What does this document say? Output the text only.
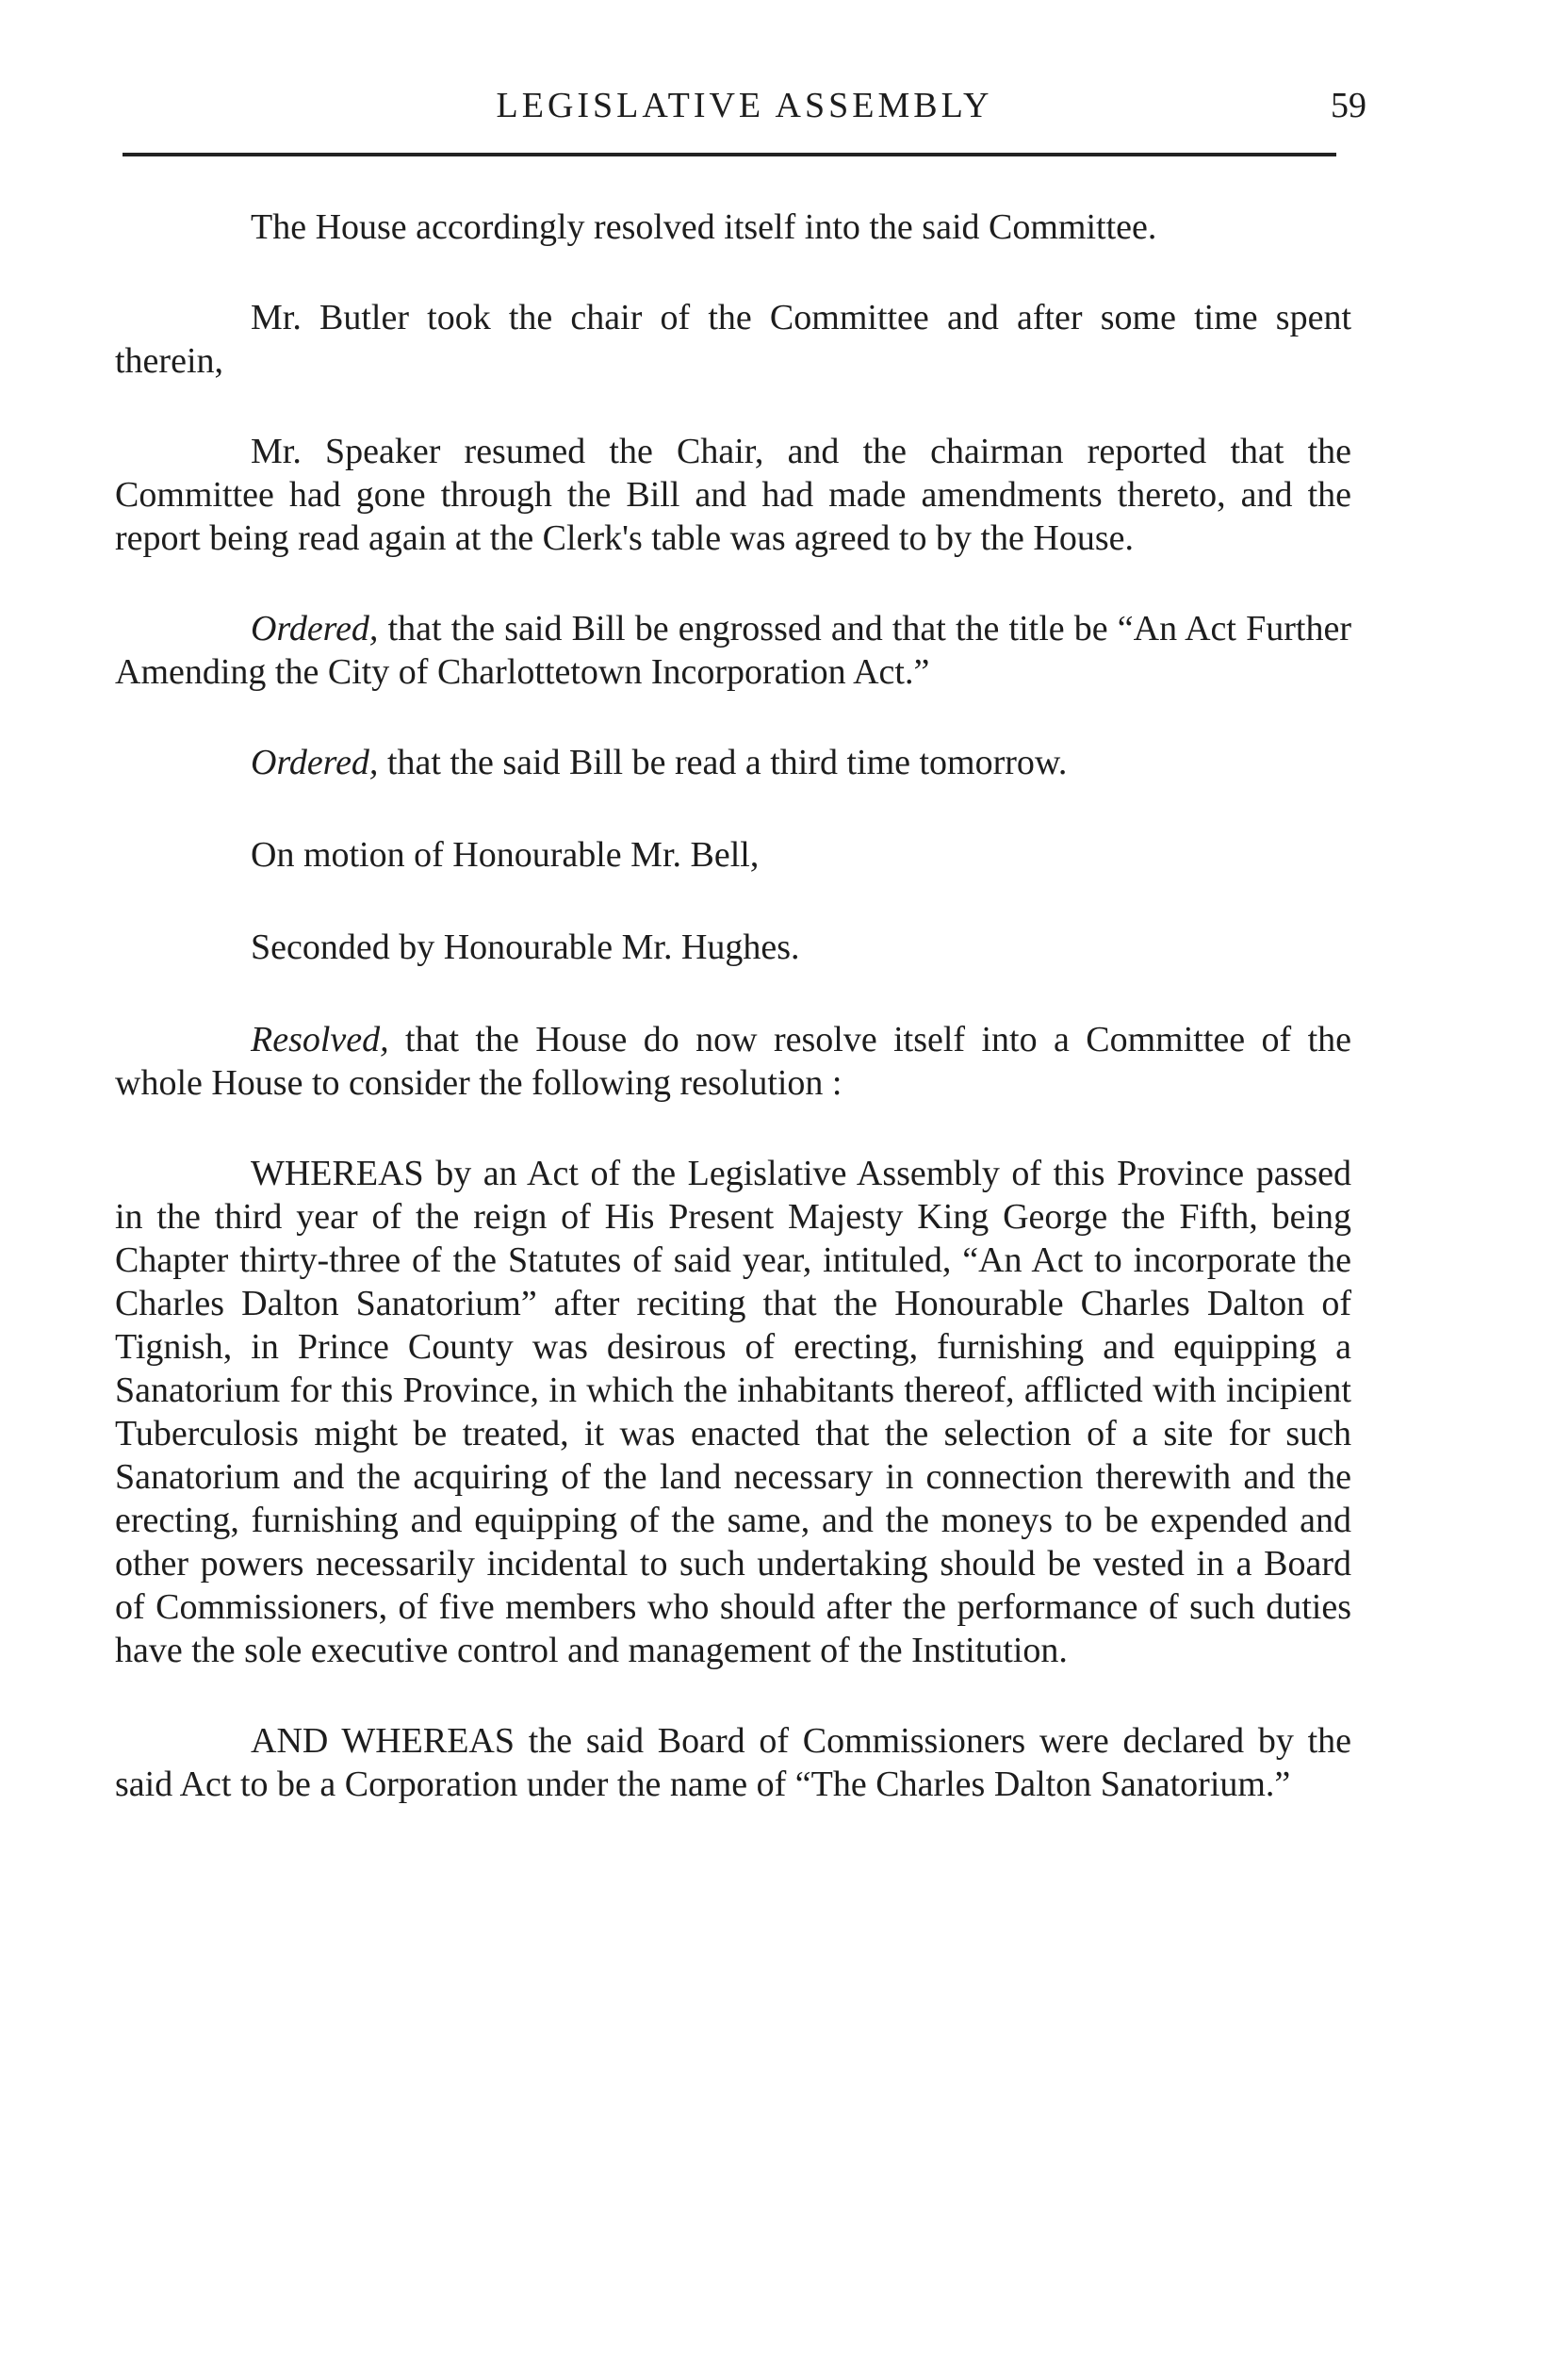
LEGISLATIVE ASSEMBLY	59

The House accordingly resolved itself into the said Committee.

Mr. Butler took the chair of the Committee and after some time spent therein,

Mr. Speaker resumed the Chair, and the chairman reported that the Committee had gone through the Bill and had made amendments thereto, and the report being read again at the Clerk's table was agreed to by the House.

Ordered, that the said Bill be engrossed and that the title be “An Act Further Amending the City of Charlottetown Incorporation Act.”

Ordered, that the said Bill be read a third time tomorrow.

On motion of Honourable Mr. Bell,

Seconded by Honourable Mr. Hughes.

Resolved, that the House do now resolve itself into a Committee of the whole House to consider the following resolution :

WHEREAS by an Act of the Legislative Assembly of this Province passed in the third year of the reign of His Present Majesty King George the Fifth, being Chapter thirty-three of the Statutes of said year, intituled, “An Act to incorporate the Charles Dalton Sanatorium” after reciting that the Honourable Charles Dalton of Tignish, in Prince County was desirous of erecting, furnishing and equipping a Sanatorium for this Province, in which the inhabitants thereof, afflicted with incipient Tuberculosis might be treated, it was enacted that the selection of a site for such Sanatorium and the acquiring of the land necessary in connection therewith and the erecting, furnishing and equipping of the same, and the moneys to be expended and other powers necessarily incidental to such undertaking should be vested in a Board of Commissioners, of five members who should after the performance of such duties have the sole executive control and management of the Institution.

AND WHEREAS the said Board of Commissioners were declared by the said Act to be a Corporation under the name of “The Charles Dalton Sanatorium.”
